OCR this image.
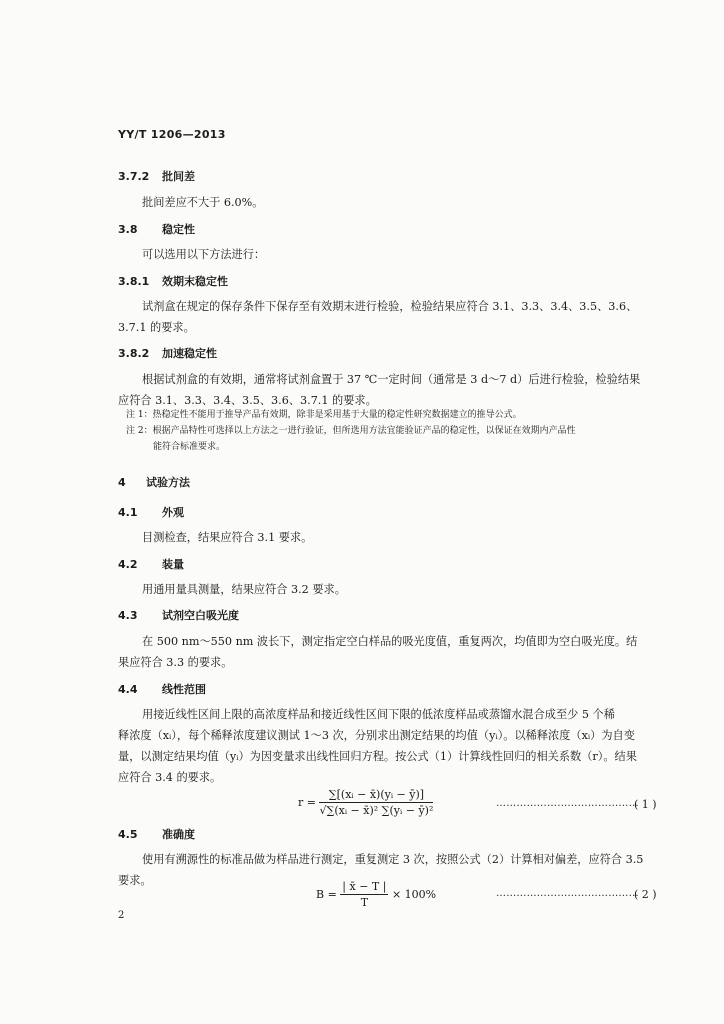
YY/T 1206—2013
3.7.2 批间差
批间差应不大于 6.0%。
3.8 稳定性
可以选用以下方法进行：
3.8.1 效期末稳定性
试剂盒在规定的保存条件下保存至有效期末进行检验，检验结果应符合 3.1、3.3、3.4、3.5、3.6、
3.7.1 的要求。
3.8.2 加速稳定性
根据试剂盒的有效期，通常将试剂盒置于 37 ℃一定时间（通常是 3 d～7 d）后进行检验，检验结果
应符合 3.1、3.3、3.4、3.5、3.6、3.7.1 的要求。
注 1：热稳定性不能用于推导产品有效期，除非是采用基于大量的稳定性研究数据建立的推导公式。
注 2：根据产品特性可选择以上方法之一进行验证，但所选用方法宜能验证产品的稳定性，以保证在效期内产品性
能符合标准要求。
4 试验方法
4.1 外观
目测检查，结果应符合 3.1 要求。
4.2 装量
用通用量具测量，结果应符合 3.2 要求。
4.3 试剂空白吸光度
在 500 nm～550 nm 波长下，测定指定空白样品的吸光度值，重复两次，均值即为空白吸光度。结
果应符合 3.3 的要求。
4.4 线性范围
用接近线性区间上限的高浓度样品和接近线性区间下限的低浓度样品或蒸馏水混合成至少 5 个稀
释浓度（xᵢ），每个稀释浓度建议测试 1～3 次，分别求出测定结果的均值（yᵢ）。以稀释浓度（xᵢ）为自变
量，以测定结果均值（yᵢ）为因变量求出线性回归方程。按公式（1）计算线性回归的相关系数（r）。结果
应符合 3.4 的要求。
$r = \frac{\text{∑[(xᵢ − x̄)(yᵢ − ȳ)]}}{\text{√∑(xᵢ − x̄)² ∑(yᵢ − ȳ)²}}$	……………………………………
( 1 )
4.5 准确度
使用有溯源性的标准品做为样品进行测定，重复测定 3 次，按照公式（2）计算相对偏差，应符合 3.5
要求。
$B = \frac{| x̄ - T |}{T} \times 100\%$	……………………………………
( 2 )
2
